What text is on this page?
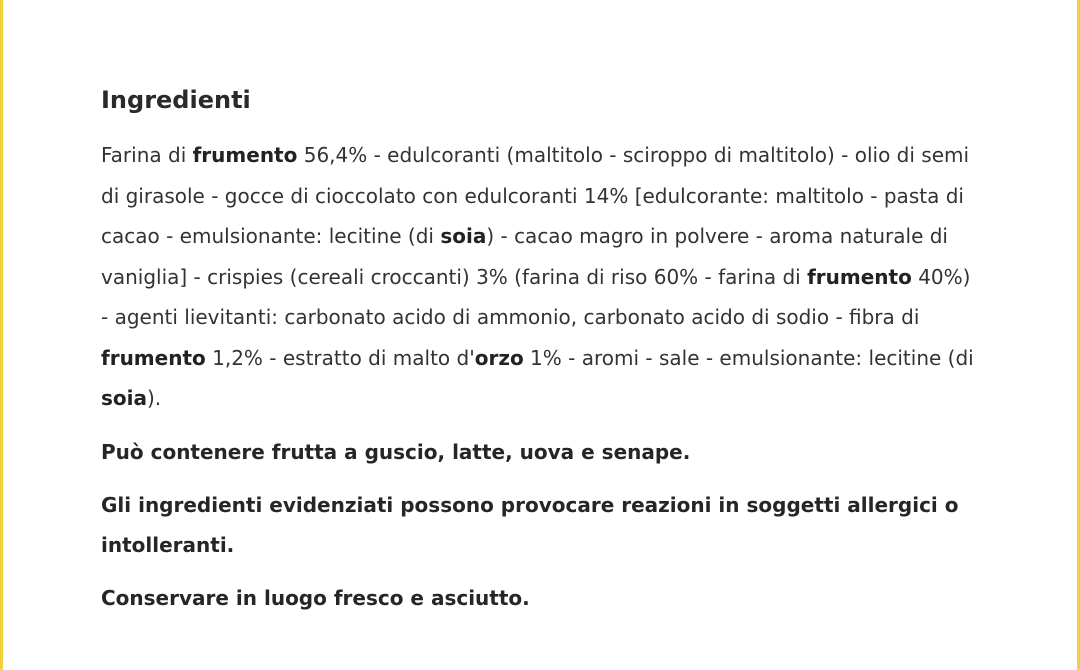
Ingredienti

Farina di frumento 56,4% - edulcoranti (maltitolo - sciroppo di maltitolo) - olio di semi di girasole - gocce di cioccolato con edulcoranti 14% [edulcorante: maltitolo - pasta di cacao - emulsionante: lecitine (di soia) - cacao magro in polvere - aroma naturale di vaniglia] - crispies (cereali croccanti) 3% (farina di riso 60% - farina di frumento 40%) - agenti lievitanti: carbonato acido di ammonio, carbonato acido di sodio - fibra di frumento 1,2% - estratto di malto d'orzo 1% - aromi - sale - emulsionante: lecitine (di soia).

Può contenere frutta a guscio, latte, uova e senape.

Gli ingredienti evidenziati possono provocare reazioni in soggetti allergici o intolleranti.

Conservare in luogo fresco e asciutto.
